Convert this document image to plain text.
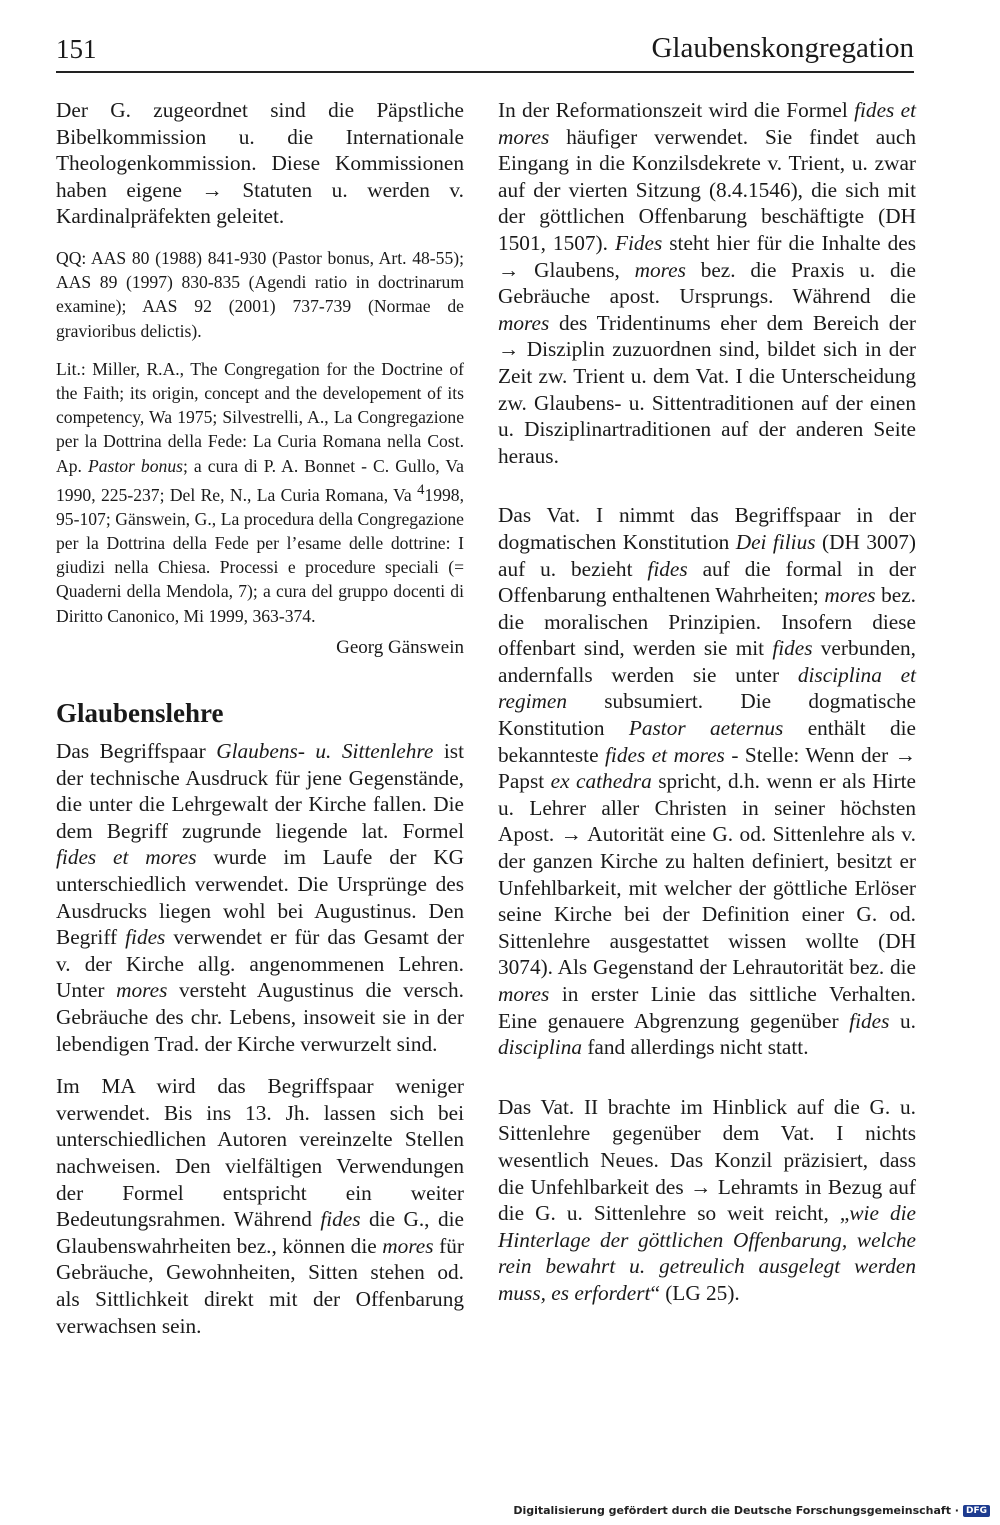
151	Glaubenskongregation

Der G. zugeordnet sind die Päpstliche Bibelkommission u. die Internationale Theologenkommission. Diese Kommissionen haben eigene → Statuten u. werden v. Kardinalpräfekten geleitet.

QQ: AAS 80 (1988) 841-930 (Pastor bonus, Art. 48-55); AAS 89 (1997) 830-835 (Agendi ratio in doctrinarum examine); AAS 92 (2001) 737-739 (Normae de gravioribus delictis).

Lit.: Miller, R.A., The Congregation for the Doctrine of the Faith; its origin, concept and the developement of its competency, Wa 1975; Silvestrelli, A., La Congregazione per la Dottrina della Fede: La Curia Romana nella Cost. Ap. Pastor bonus; a cura di P. A. Bonnet - C. Gullo, Va 1990, 225-237; Del Re, N., La Curia Romana, Va $^4$1998, 95-107; Gänswein, G., La procedura della Congregazione per la Dottrina della Fede per l’esame delle dottrine: I giudizi nella Chiesa. Processi e procedure speciali (= Quaderni della Mendola, 7); a cura del gruppo docenti di Diritto Canonico, Mi 1999, 363-374.

Georg Gänswein

Glaubenslehre

Das Begriffspaar Glaubens- u. Sittenlehre ist der technische Ausdruck für jene Gegenstände, die unter die Lehrgewalt der Kirche fallen. Die dem Begriff zugrunde liegende lat. Formel fides et mores wurde im Laufe der KG unterschiedlich verwendet. Die Ursprünge des Ausdrucks liegen wohl bei Augustinus. Den Begriff fides verwendet er für das Gesamt der v. der Kirche allg. angenommenen Lehren. Unter mores versteht Augustinus die versch. Gebräuche des chr. Lebens, insoweit sie in der lebendigen Trad. der Kirche verwurzelt sind.

Im MA wird das Begriffspaar weniger verwendet. Bis ins 13. Jh. lassen sich bei unterschiedlichen Autoren vereinzelte Stellen nachweisen. Den vielfältigen Verwendungen der Formel entspricht ein weiter Bedeutungsrahmen. Während fides die G., die Glaubenswahrheiten bez., können die mores für Gebräuche, Gewohnheiten, Sitten stehen od. als Sittlichkeit direkt mit der Offenbarung verwachsen sein.

In der Reformationszeit wird die Formel fides et mores häufiger verwendet. Sie findet auch Eingang in die Konzilsdekrete v. Trient, u. zwar auf der vierten Sitzung (8.4.1546), die sich mit der göttlichen Offenbarung beschäftigte (DH 1501, 1507). Fides steht hier für die Inhalte des → Glaubens, mores bez. die Praxis u. die Gebräuche apost. Ursprungs. Während die mores des Tridentinums eher dem Bereich der → Disziplin zuzuordnen sind, bildet sich in der Zeit zw. Trient u. dem Vat. I die Unterscheidung zw. Glaubens- u. Sittentraditionen auf der einen u. Disziplinartraditionen auf der anderen Seite heraus.

Das Vat. I nimmt das Begriffspaar in der dogmatischen Konstitution Dei filius (DH 3007) auf u. bezieht fides auf die formal in der Offenbarung enthaltenen Wahrheiten; mores bez. die moralischen Prinzipien. Insofern diese offenbart sind, werden sie mit fides verbunden, andernfalls werden sie unter disciplina et regimen subsumiert. Die dogmatische Konstitution Pastor aeternus enthält die bekannteste fides et mores - Stelle: Wenn der → Papst ex cathedra spricht, d.h. wenn er als Hirte u. Lehrer aller Christen in seiner höchsten Apost. → Autorität eine G. od. Sittenlehre als v. der ganzen Kirche zu halten definiert, besitzt er Unfehlbarkeit, mit welcher der göttliche Erlöser seine Kirche bei der Definition einer G. od. Sittenlehre ausgestattet wissen wollte (DH 3074). Als Gegenstand der Lehrautorität bez. die mores in erster Linie das sittliche Verhalten. Eine genauere Abgrenzung gegenüber fides u. disciplina fand allerdings nicht statt.

Das Vat. II brachte im Hinblick auf die G. u. Sittenlehre gegenüber dem Vat. I nichts wesentlich Neues. Das Konzil präzisiert, dass die Unfehlbarkeit des → Lehramts in Bezug auf die G. u. Sittenlehre so weit reicht, „wie die Hinterlage der göttlichen Offenbarung, welche rein bewahrt u. getreulich ausgelegt werden muss, es erfordert“ (LG 25).

Digitalisierung gefördert durch die Deutsche Forschungsgemeinschaft · DFG
